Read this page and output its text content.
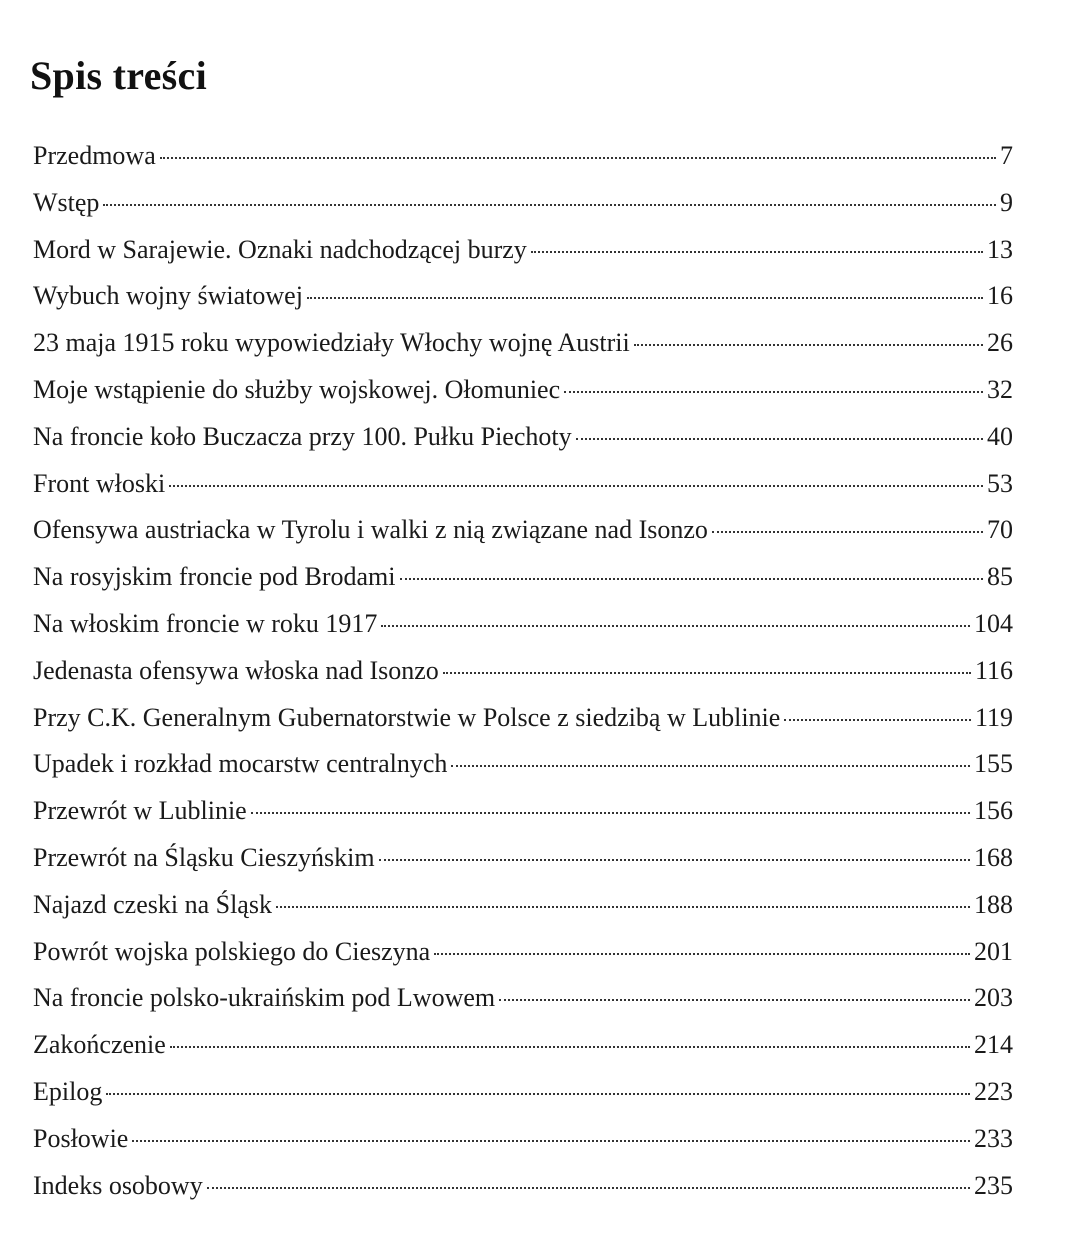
Spis treści
Przedmowa	7
Wstęp	9
Mord w Sarajewie. Oznaki nadchodzącej burzy	13
Wybuch wojny światowej	16
23 maja 1915 roku wypowiedziały Włochy wojnę Austrii	26
Moje wstąpienie do służby wojskowej. Ołomuniec	32
Na froncie koło Buczacza przy 100. Pułku Piechoty	40
Front włoski	53
Ofensywa austriacka w Tyrolu i walki z nią związane nad Isonzo	70
Na rosyjskim froncie pod Brodami	85
Na włoskim froncie w roku 1917	104
Jedenasta ofensywa włoska nad Isonzo	116
Przy C.K. Generalnym Gubernatorstwie w Polsce z siedzibą w Lublinie	119
Upadek i rozkład mocarstw centralnych	155
Przewrót w Lublinie	156
Przewrót na Śląsku Cieszyńskim	168
Najazd czeski na Śląsk	188
Powrót wojska polskiego do Cieszyna	201
Na froncie polsko-ukraińskim pod Lwowem	203
Zakończenie	214
Epilog	223
Posłowie	233
Indeks osobowy	235
